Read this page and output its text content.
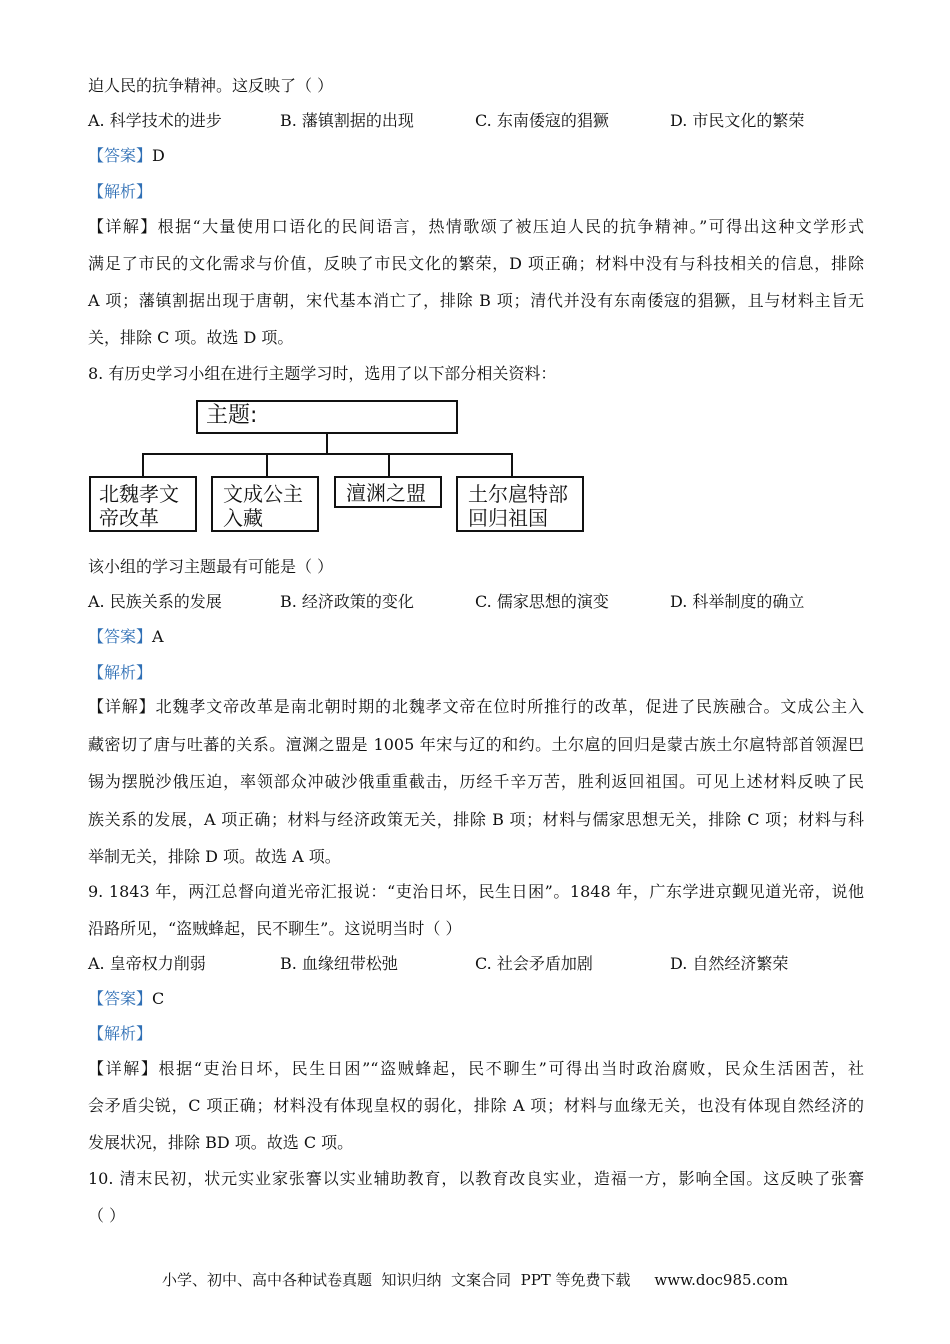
迫人民的抗争精神。这反映了（ ）
A. 科学技术的进步	B. 藩镇割据的出现	C. 东南倭寇的猖獗	D. 市民文化的繁荣
【答案】D
【解析】
【详解】根据“大量使用口语化的民间语言，热情歌颂了被压迫人民的抗争精神。”可得出这种文学形式
满足了市民的文化需求与价值，反映了市民文化的繁荣，D 项正确；材料中没有与科技相关的信息，排除
A 项；藩镇割据出现于唐朝，宋代基本消亡了，排除 B 项；清代并没有东南倭寇的猖獗，且与材料主旨无
关，排除 C 项。故选 D 项。
8. 有历史学习小组在进行主题学习时，选用了以下部分相关资料：
主题:
北魏孝文
帝改革
文成公主
入藏
澶渊之盟	土尔扈特部
回归祖国
该小组的学习主题最有可能是（ ）
A. 民族关系的发展	B. 经济政策的变化	C. 儒家思想的演变	D. 科举制度的确立
【答案】A
【解析】
【详解】北魏孝文帝改革是南北朝时期的北魏孝文帝在位时所推行的改革，促进了民族融合。文成公主入
藏密切了唐与吐蕃的关系。澶渊之盟是 1005 年宋与辽的和约。土尔扈的回归是蒙古族土尔扈特部首领渥巴
锡为摆脱沙俄压迫，率领部众冲破沙俄重重截击，历经千辛万苦，胜利返回祖国。可见上述材料反映了民
族关系的发展，A 项正确；材料与经济政策无关，排除 B 项；材料与儒家思想无关，排除 C 项；材料与科
举制无关，排除 D 项。故选 A 项。
9. 1843 年，两江总督向道光帝汇报说：“吏治日坏，民生日困”。1848 年，广东学进京觐见道光帝，说他
沿路所见，“盗贼蜂起，民不聊生”。这说明当时（ ）
A. 皇帝权力削弱	B. 血缘纽带松弛	C. 社会矛盾加剧	D. 自然经济繁荣
【答案】C
【解析】
【详解】根据“吏治日坏，民生日困”“盗贼蜂起，民不聊生”可得出当时政治腐败，民众生活困苦，社
会矛盾尖锐，C 项正确；材料没有体现皇权的弱化，排除 A 项；材料与血缘无关，也没有体现自然经济的
发展状况，排除 BD 项。故选 C 项。
10. 清末民初，状元实业家张謇以实业辅助教育，以教育改良实业，造福一方，影响全国。这反映了张謇
（ ）
小学、初中、高中各种试卷真题  知识归纳  文案合同  PPT 等免费下载     www.doc985.com
